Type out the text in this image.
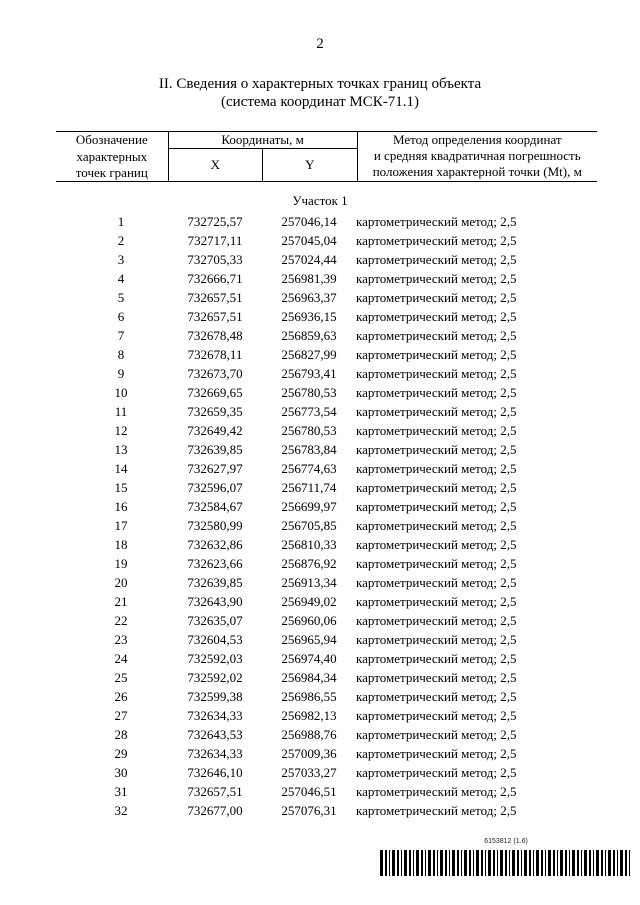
2
II. Сведения о характерных точках границ объекта
(система координат МСК-71.1)
Обозначение	Координаты, м		Метод определения координат
и средняя квадратичная погрешность
положения характерной точки (Mt), м

характерных	X	Y	
точек границ			
Участок 1
1	732725,57	257046,14	картометрический метод; 2,5
2	732717,11	257045,04	картометрический метод; 2,5
3	732705,33	257024,44	картометрический метод; 2,5
4	732666,71	256981,39	картометрический метод; 2,5
5	732657,51	256963,37	картометрический метод; 2,5
6	732657,51	256936,15	картометрический метод; 2,5
7	732678,48	256859,63	картометрический метод; 2,5
8	732678,11	256827,99	картометрический метод; 2,5
9	732673,70	256793,41	картометрический метод; 2,5
10	732669,65	256780,53	картометрический метод; 2,5
11	732659,35	256773,54	картометрический метод; 2,5
12	732649,42	256780,53	картометрический метод; 2,5
13	732639,85	256783,84	картометрический метод; 2,5
14	732627,97	256774,63	картометрический метод; 2,5
15	732596,07	256711,74	картометрический метод; 2,5
16	732584,67	256699,97	картометрический метод; 2,5
17	732580,99	256705,85	картометрический метод; 2,5
18	732632,86	256810,33	картометрический метод; 2,5
19	732623,66	256876,92	картометрический метод; 2,5
20	732639,85	256913,34	картометрический метод; 2,5
21	732643,90	256949,02	картометрический метод; 2,5
22	732635,07	256960,06	картометрический метод; 2,5
23	732604,53	256965,94	картометрический метод; 2,5
24	732592,03	256974,40	картометрический метод; 2,5
25	732592,02	256984,34	картометрический метод; 2,5
26	732599,38	256986,55	картометрический метод; 2,5
27	732634,33	256982,13	картометрический метод; 2,5
28	732643,53	256988,76	картометрический метод; 2,5
29	732634,33	257009,36	картометрический метод; 2,5
30	732646,10	257033,27	картометрический метод; 2,5
31	732657,51	257046,51	картометрический метод; 2,5
32	732677,00	257076,31	картометрический метод; 2,5
6153812 (1.6)
